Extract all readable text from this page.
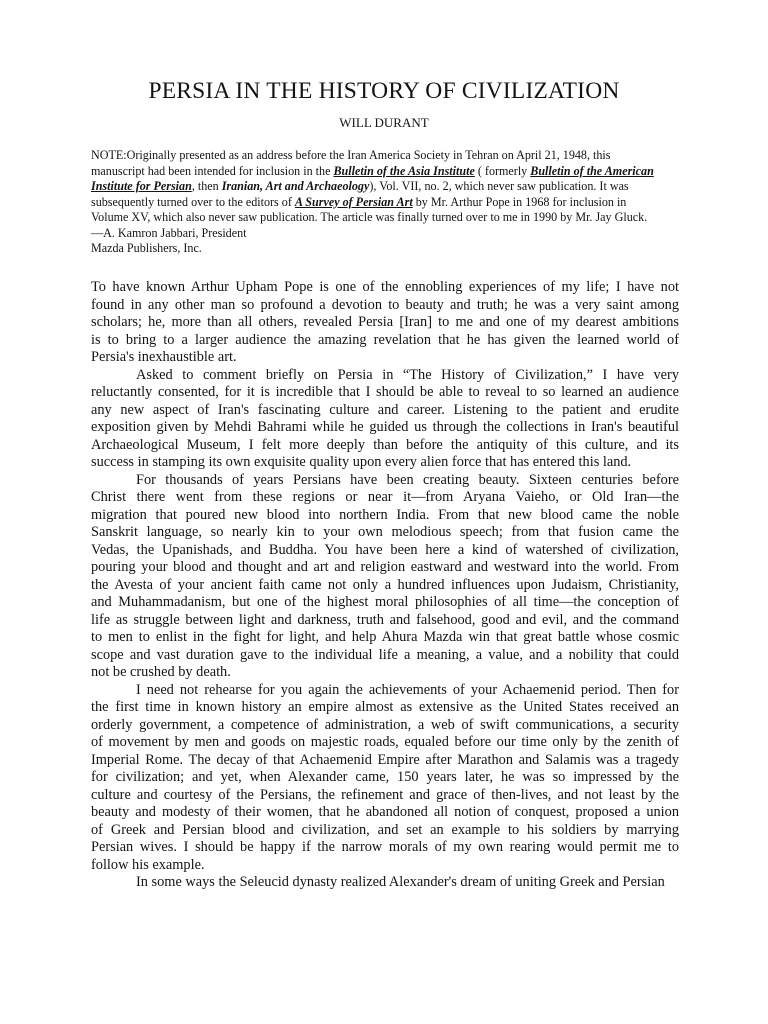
PERSIA IN THE HISTORY OF CIVILIZATION
WILL DURANT
NOTE:Originally presented as an address before the Iran America Society in Tehran on April 21, 1948, this
manuscript had been intended for inclusion in the Bulletin of the Asia Institute ( formerly Bulletin of the American
Institute for Persian, then Iranian, Art and Archaeology), Vol. VII, no. 2, which never saw publication. It was
subsequently turned over to the editors of A Survey of Persian Art by Mr. Arthur Pope in 1968 for inclusion in
Volume XV, which also never saw publication. The article was finally turned over to me in 1990 by Mr. Jay Gluck.
—A. Kamron Jabbari, President
Mazda Publishers, Inc.
To have known Arthur Upham Pope is one of the ennobling experiences of my life; I have not
found in any other man so profound a devotion to beauty and truth; he was a very saint among
scholars; he, more than all others, revealed Persia [Iran] to me and one of my dearest ambitions
is to bring to a larger audience the amazing revelation that he has given the learned world of
Persia's inexhaustible art.
Asked to comment briefly on Persia in “The History of Civilization,” I have very
reluctantly consented, for it is incredible that I should be able to reveal to so learned an audience
any new aspect of Iran's fascinating culture and career. Listening to the patient and erudite
exposition given by Mehdi Bahrami while he guided us through the collections in Iran's beautiful
Archaeological Museum, I felt more deeply than before the antiquity of this culture, and its
success in stamping its own exquisite quality upon every alien force that has entered this land.
For thousands of years Persians have been creating beauty. Sixteen centuries before
Christ there went from these regions or near it—from Aryana Vaieho, or Old Iran—the
migration that poured new blood into northern India. From that new blood came the noble
Sanskrit language, so nearly kin to your own melodious speech; from that fusion came the
Vedas, the Upanishads, and Buddha. You have been here a kind of watershed of civilization,
pouring your blood and thought and art and religion eastward and westward into the world. From
the Avesta of your ancient faith came not only a hundred influences upon Judaism, Christianity,
and Muhammadanism, but one of the highest moral philosophies of all time—the conception of
life as struggle between light and darkness, truth and falsehood, good and evil, and the command
to men to enlist in the fight for light, and help Ahura Mazda win that great battle whose cosmic
scope and vast duration gave to the individual life a meaning, a value, and a nobility that could
not be crushed by death.
I need not rehearse for you again the achievements of your Achaemenid period. Then for
the first time in known history an empire almost as extensive as the United States received an
orderly government, a competence of administration, a web of swift communications, a security
of movement by men and goods on majestic roads, equaled before our time only by the zenith of
Imperial Rome. The decay of that Achaemenid Empire after Marathon and Salamis was a tragedy
for civilization; and yet, when Alexander came, 150 years later, he was so impressed by the
culture and courtesy of the Persians, the refinement and grace of then-lives, and not least by the
beauty and modesty of their women, that he abandoned all notion of conquest, proposed a union
of Greek and Persian blood and civilization, and set an example to his soldiers by marrying
Persian wives. I should be happy if the narrow morals of my own rearing would permit me to
follow his example.
In some ways the Seleucid dynasty realized Alexander's dream of uniting Greek and Persian
